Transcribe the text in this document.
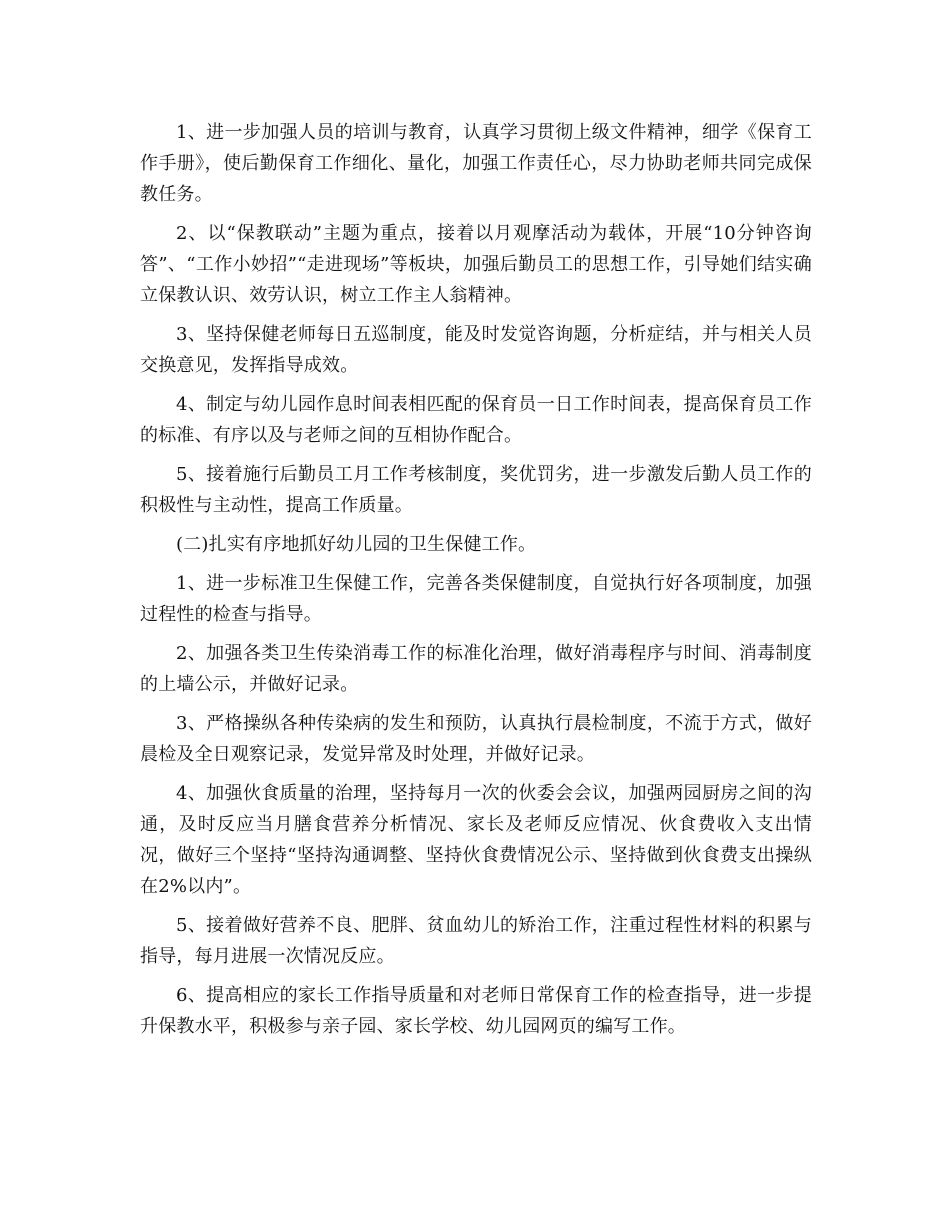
1、进一步加强人员的培训与教育，认真学习贯彻上级文件精神，细学《保育工作手册》，使后勤保育工作细化、量化，加强工作责任心，尽力协助老师共同完成保教任务。

2、以“保教联动”主题为重点，接着以月观摩活动为载体，开展“10分钟咨询答”、“工作小妙招”“走进现场”等板块，加强后勤员工的思想工作，引导她们结实确立保教认识、效劳认识，树立工作主人翁精神。

3、坚持保健老师每日五巡制度，能及时发觉咨询题，分析症结，并与相关人员交换意见，发挥指导成效。

4、制定与幼儿园作息时间表相匹配的保育员一日工作时间表，提高保育员工作的标准、有序以及与老师之间的互相协作配合。

5、接着施行后勤员工月工作考核制度，奖优罚劣，进一步激发后勤人员工作的积极性与主动性，提高工作质量。

(二)扎实有序地抓好幼儿园的卫生保健工作。

1、进一步标准卫生保健工作，完善各类保健制度，自觉执行好各项制度，加强过程性的检查与指导。

2、加强各类卫生传染消毒工作的标准化治理，做好消毒程序与时间、消毒制度的上墙公示，并做好记录。

3、严格操纵各种传染病的发生和预防，认真执行晨检制度，不流于方式，做好晨检及全日观察记录，发觉异常及时处理，并做好记录。

4、加强伙食质量的治理，坚持每月一次的伙委会会议，加强两园厨房之间的沟通，及时反应当月膳食营养分析情况、家长及老师反应情况、伙食费收入支出情况，做好三个坚持“坚持沟通调整、坚持伙食费情况公示、坚持做到伙食费支出操纵在2%以内”。

5、接着做好营养不良、肥胖、贫血幼儿的矫治工作，注重过程性材料的积累与指导，每月进展一次情况反应。

6、提高相应的家长工作指导质量和对老师日常保育工作的检查指导，进一步提升保教水平，积极参与亲子园、家长学校、幼儿园网页的编写工作。
